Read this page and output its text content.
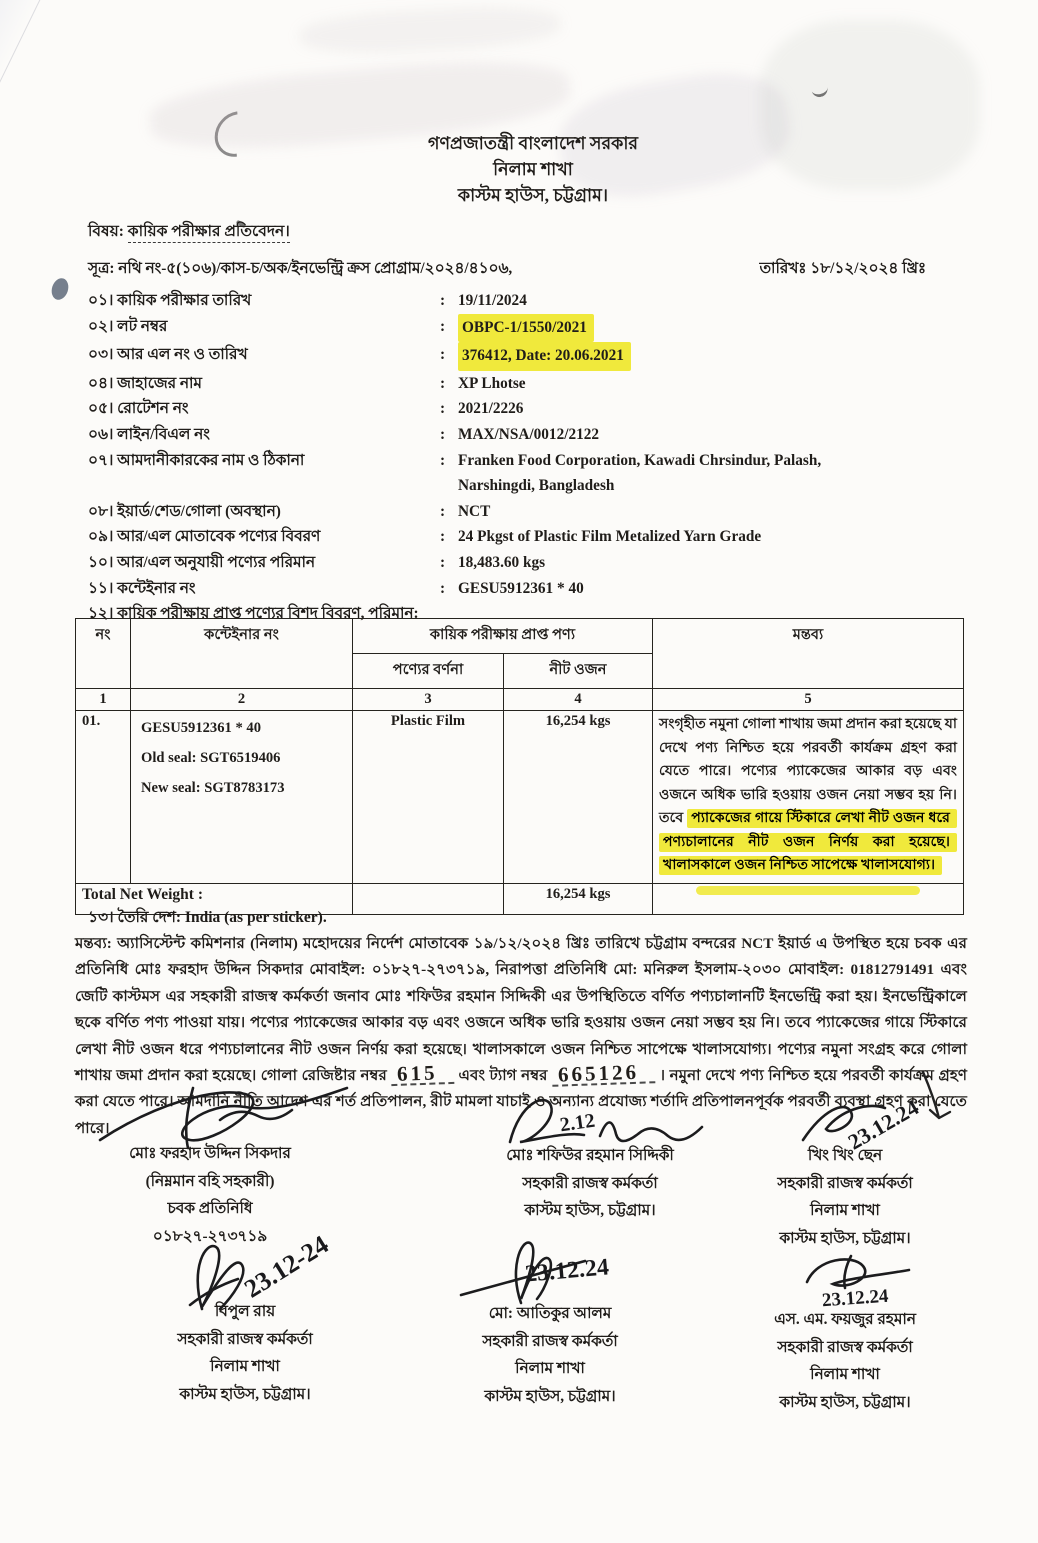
গণপ্রজাতন্ত্রী বাংলাদেশ সরকার
নিলাম শাখা
কাস্টম হাউস, চট্টগ্রাম।
বিষয়: কায়িক পরীক্ষার প্রতিবেদন।
সূত্র: নথি নং-৫(১০৬)/কাস-চ/অক/ইনভেন্ট্রি ক্রস প্রোগ্রাম/২০২৪/৪১০৬,	তারিখঃ ১৮/১২/২০২৪ খ্রিঃ
০১। কায়িক পরীক্ষার তারিখ :	19/11/2024
০২। লট নম্বর :	OBPC-1/1550/2021
০৩। আর এল নং ও তারিখ :	376412, Date: 20.06.2021
০৪। জাহাজের নাম :	XP Lhotse
০৫। রোটেশন নং :	2021/2226
০৬। লাইন/বিএল নং :	MAX/NSA/0012/2122
০৭। আমদানীকারকের নাম ও ঠিকানা :	Franken Food Corporation, Kawadi Chrsindur, Palash, Narshingdi, Bangladesh
০৮। ইয়ার্ড/শেড/গোলা (অবস্থান) :	NCT
০৯। আর/এল মোতাবেক পণ্যের বিবরণ :	24 Pkgst of Plastic Film Metalized Yarn Grade
১০। আর/এল অনুযায়ী পণ্যের পরিমান :	18,483.60 kgs
১১। কন্টেইনার নং :	GESU5912361 * 40
১২। কায়িক পরীক্ষায় প্রাপ্ত পণ্যের বিশদ বিবরণ, পরিমান:
নং	কন্টেইনার নং	কায়িক পরীক্ষায় প্রাপ্ত পণ্য		মন্তব্য
		পণ্যের বর্ণনা	নীট ওজন	
1	2	3	4	5
01.	GESU5912361 * 40
Old seal: SGT6519406
New seal: SGT8783173
	Plastic Film	16,254 kgs	সংগৃহীত নমুনা গোলা শাখায় জমা প্রদান করা হয়েছে যা দেখে পণ্য নিশ্চিত হয়ে পরবর্তী কার্যক্রম গ্রহণ করা যেতে পারে। পণ্যের প্যাকেজের আকার বড় এবং ওজনে অধিক ভারি হওয়ায় ওজন নেয়া সম্ভব হয় নি। তবে প্যাকেজের গায়ে স্টিকারে লেখা নীট ওজন ধরে পণ্যচালানের নীট ওজন নির্ণয় করা হয়েছে। খালাসকালে ওজন নিশ্চিত সাপেক্ষে খালাসযোগ্য।
Total Net Weight :			16,254 kgs	
১৩। তৈরি দেশ: India (as per sticker).
মন্তব্য: অ্যাসিস্টেন্ট কমিশনার (নিলাম) মহোদয়ের নির্দেশ মোতাবেক ১৯/১২/২০২৪ খ্রিঃ তারিখে চট্টগ্রাম বন্দরের NCT ইয়ার্ড এ উপস্থিত হয়ে চবক এর প্রতিনিধি মোঃ ফরহাদ উদ্দিন সিকদার মোবাইল: ০১৮২৭-২৭৩৭১৯, নিরাপত্তা প্রতিনিধি মো: মনিরুল ইসলাম-২০৩০ মোবাইল: 01812791491 এবং জেটি কাস্টমস এর সহকারী রাজস্ব কর্মকর্তা জনাব মোঃ শফিউর রহমান সিদ্দিকী এর উপস্থিতিতে বর্ণিত পণ্যচালানটি ইনভেন্ট্রি করা হয়। ইনভেন্ট্রিকালে ছকে বর্ণিত পণ্য পাওয়া যায়। পণ্যের প্যাকেজের আকার বড় এবং ওজনে অধিক ভারি হওয়ায় ওজন নেয়া সম্ভব হয় নি। তবে প্যাকেজের গায়ে স্টিকারে লেখা নীট ওজন ধরে পণ্যচালানের নীট ওজন নির্ণয় করা হয়েছে। খালাসকালে ওজন নিশ্চিত সাপেক্ষে খালাসযোগ্য। পণ্যের নমুনা সংগ্রহ করে গোলা শাখায় জমা প্রদান করা হয়েছে। গোলা রেজিষ্টার নম্বর 615 এবং ট্যাগ নম্বর 665126 । নমুনা দেখে পণ্য নিশ্চিত হয়ে পরবর্তী কার্যক্রম গ্রহণ করা যেতে পারে। আমদানি নীতি আদেশ এর শর্ত প্রতিপালন, রীট মামলা যাচাই ও অন্যান্য প্রযোজ্য শর্তাদি প্রতিপালনপূর্বক পরবর্তী ব্যবস্থা গ্রহণ করা যেতে পারে।
মোঃ ফরহাদ উদ্দিন সিকদার
(নিম্নমান বহি সহকারী)
চবক প্রতিনিধি
০১৮২৭-২৭৩৭১৯
2.12
মোঃ শফিউর রহমান সিদ্দিকী
সহকারী রাজস্ব কর্মকর্তা
কাস্টম হাউস, চট্টগ্রাম।
23.12.24
খিং খিং ছেন
সহকারী রাজস্ব কর্মকর্তা
নিলাম শাখা
কাস্টম হাউস, চট্টগ্রাম।
23.12-24
বিপুল রায়
সহকারী রাজস্ব কর্মকর্তা
নিলাম শাখা
কাস্টম হাউস, চট্টগ্রাম।
23.12.24
মো: আতিকুর আলম
সহকারী রাজস্ব কর্মকর্তা
নিলাম শাখা
কাস্টম হাউস, চট্টগ্রাম।
23.12.24
এস. এম. ফয়জুর রহমান
সহকারী রাজস্ব কর্মকর্তা
নিলাম শাখা
কাস্টম হাউস, চট্টগ্রাম।
